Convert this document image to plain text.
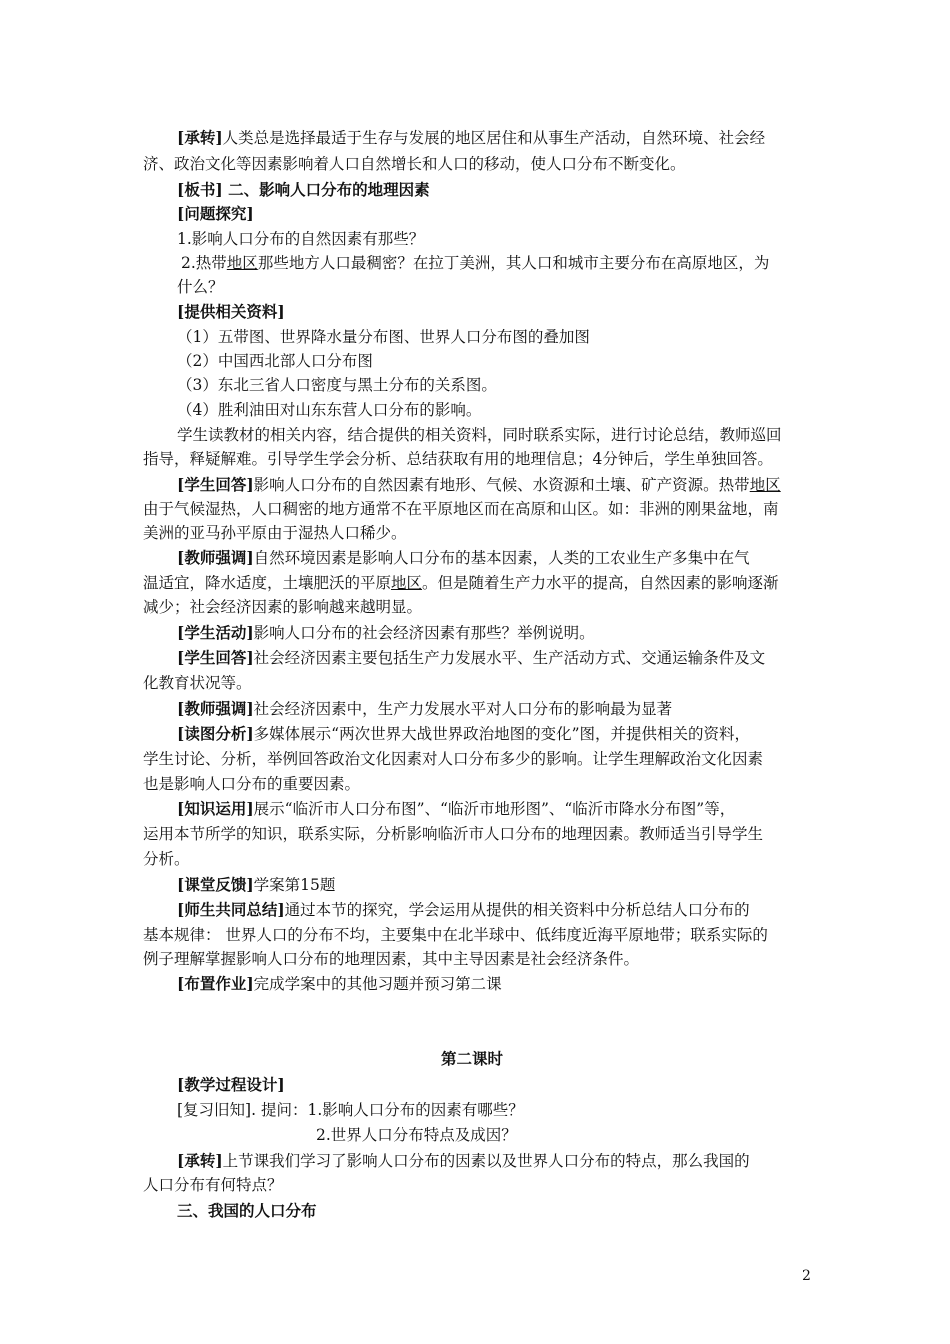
[承转]人类总是选择最适于生存与发展的地区居住和从事生产活动，自然环境、社会经
济、政治文化等因素影响着人口自然增长和人口的移动，使人口分布不断变化。
[板书] 二、影响人口分布的地理因素
[问题探究]
1.影响人口分布的自然因素有那些？
2.热带地区那些地方人口最稠密？在拉丁美洲，其人口和城市主要分布在高原地区，为
什么？
[提供相关资料]
（1）五带图、世界降水量分布图、世界人口分布图的叠加图
（2）中国西北部人口分布图
（3）东北三省人口密度与黑土分布的关系图。
（4）胜利油田对山东东营人口分布的影响。
学生读教材的相关内容，结合提供的相关资料，同时联系实际，进行讨论总结，教师巡回
指导，释疑解难。引导学生学会分析、总结获取有用的地理信息；4分钟后，学生单独回答。
[学生回答]影响人口分布的自然因素有地形、气候、水资源和土壤、矿产资源。热带地区
由于气候湿热，人口稠密的地方通常不在平原地区而在高原和山区。如：非洲的刚果盆地，南
美洲的亚马孙平原由于湿热人口稀少。
[教师强调]自然环境因素是影响人口分布的基本因素，人类的工农业生产多集中在气
温适宜，降水适度，土壤肥沃的平原地区。但是随着生产力水平的提高，自然因素的影响逐渐
减少；社会经济因素的影响越来越明显。
[学生活动]影响人口分布的社会经济因素有那些？举例说明。
[学生回答]社会经济因素主要包括生产力发展水平、生产活动方式、交通运输条件及文
化教育状况等。
[教师强调]社会经济因素中，生产力发展水平对人口分布的影响最为显著
[读图分析]多媒体展示“两次世界大战世界政治地图的变化”图，并提供相关的资料，
学生讨论、分析，举例回答政治文化因素对人口分布多少的影响。让学生理解政治文化因素
也是影响人口分布的重要因素。
[知识运用]展示“临沂市人口分布图”、“临沂市地形图”、“临沂市降水分布图”等，
运用本节所学的知识，联系实际，分析影响临沂市人口分布的地理因素。教师适当引导学生
分析。
[课堂反馈]学案第15题
[师生共同总结]通过本节的探究，学会运用从提供的相关资料中分析总结人口分布的
基本规律： 世界人口的分布不均，主要集中在北半球中、低纬度近海平原地带；联系实际的
例子理解掌握影响人口分布的地理因素，其中主导因素是社会经济条件。
[布置作业]完成学案中的其他习题并预习第二课
第二课时
[教学过程设计]
[复习旧知]. 提问：1.影响人口分布的因素有哪些？
2.世界人口分布特点及成因？
[承转]上节课我们学习了影响人口分布的因素以及世界人口分布的特点，那么我国的
人口分布有何特点？
三、我国的人口分布
2
